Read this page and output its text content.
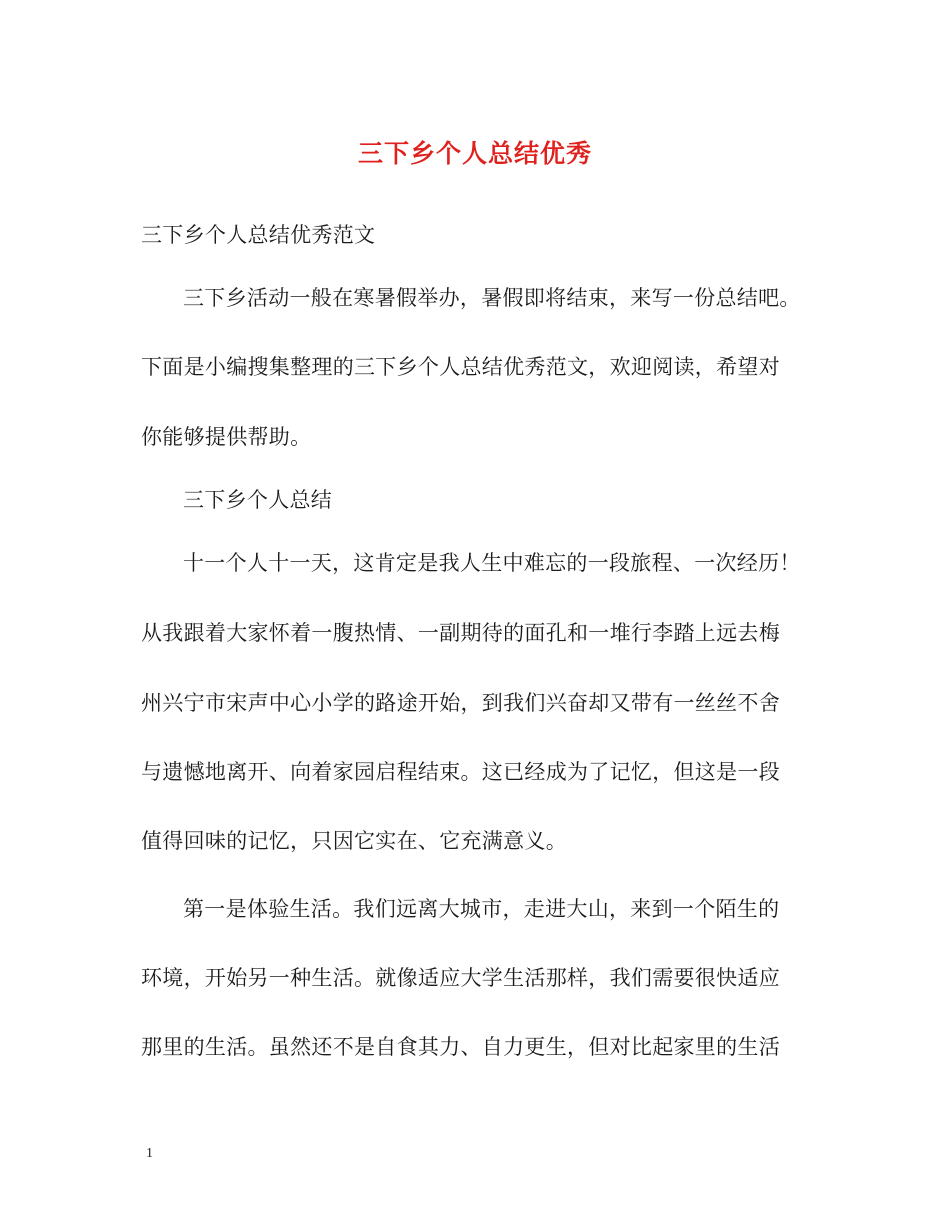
三下乡个人总结优秀
三下乡个人总结优秀范文
三下乡活动一般在寒暑假举办，暑假即将结束，来写一份总结吧。
下面是小编搜集整理的三下乡个人总结优秀范文，欢迎阅读，希望对
你能够提供帮助。
三下乡个人总结
十一个人十一天，这肯定是我人生中难忘的一段旅程、一次经历！
从我跟着大家怀着一腹热情、一副期待的面孔和一堆行李踏上远去梅
州兴宁市宋声中心小学的路途开始，到我们兴奋却又带有一丝丝不舍
与遗憾地离开、向着家园启程结束。这已经成为了记忆，但这是一段
值得回味的记忆，只因它实在、它充满意义。
第一是体验生活。我们远离大城市，走进大山，来到一个陌生的
环境，开始另一种生活。就像适应大学生活那样，我们需要很快适应
那里的生活。虽然还不是自食其力、自力更生，但对比起家里的生活
1
